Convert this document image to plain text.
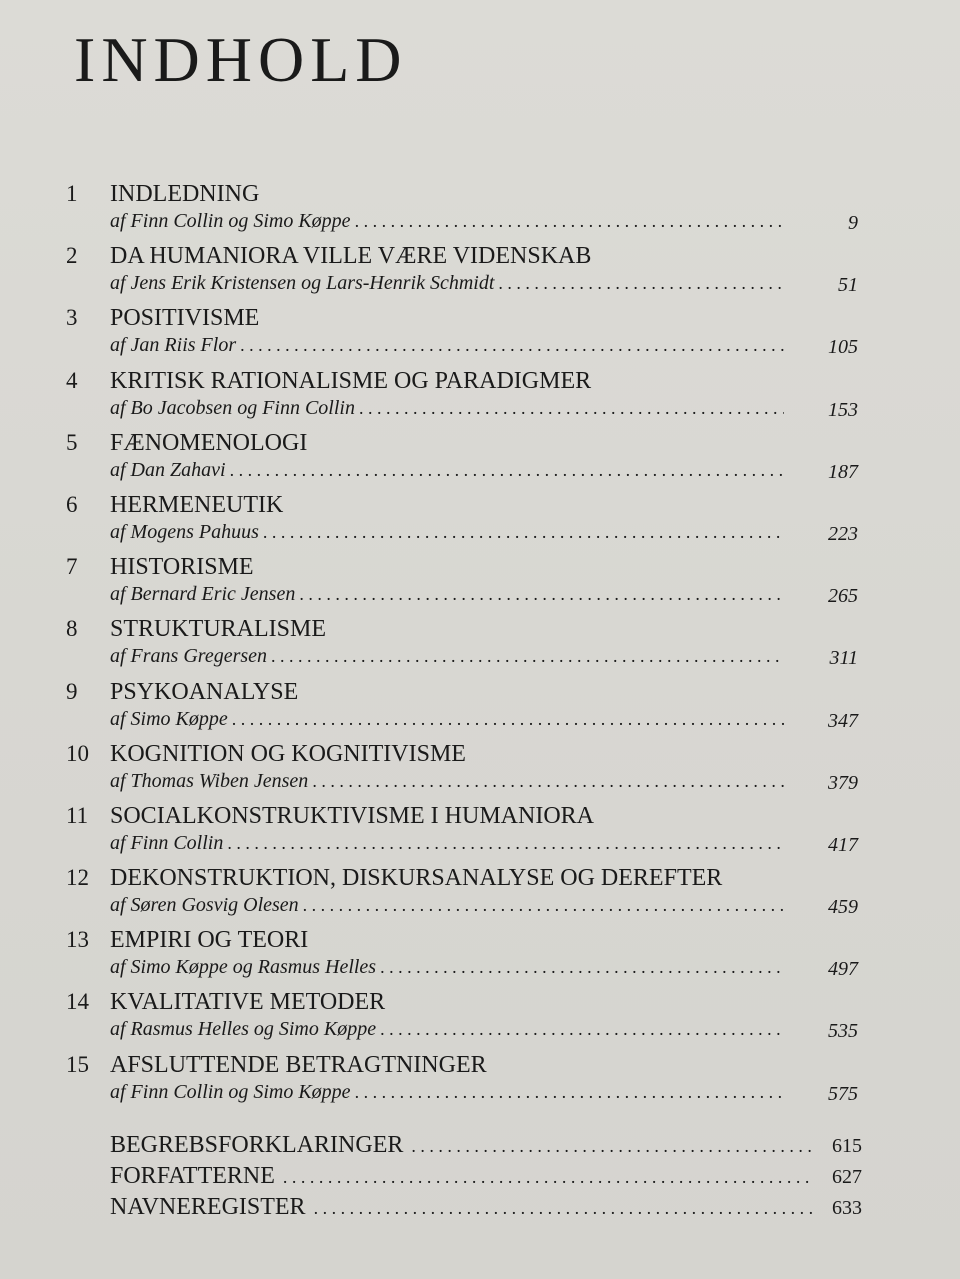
INDHOLD
1	INDLEDNING
af Finn Collin og Simo Køppe . . .	9
2	DA HUMANIORA VILLE VÆRE VIDENSKAB
af Jens Erik Kristensen og Lars-Henrik Schmidt . . .	51
3	POSITIVISME
af Jan Riis Flor . . .	105
4	KRITISK RATIONALISME OG PARADIGMER
af Bo Jacobsen og Finn Collin . . .	153
5	FÆNOMENOLOGI
af Dan Zahavi . . .	187
6	HERMENEUTIK
af Mogens Pahuus . . .	223
7	HISTORISME
af Bernard Eric Jensen . . .	265
8	STRUKTURALISME
af Frans Gregersen . . .	311
9	PSYKOANALYSE
af Simo Køppe . . .	347
10 KOGNITION OG KOGNITIVISME
af Thomas Wiben Jensen . . .	379
11 SOCIALKONSTRUKTIVISME I HUMANIORA
af Finn Collin . . .	417
12 DEKONSTRUKTION, DISKURSANALYSE OG DEREFTER
af Søren Gosvig Olesen . . .	459
13 EMPIRI OG TEORI
af Simo Køppe og Rasmus Helles . . .	497
14 KVALITATIVE METODER
af Rasmus Helles og Simo Køppe . . .	535
15 AFSLUTTENDE BETRAGTNINGER
af Finn Collin og Simo Køppe . . .	575
BEGREBSFORKLARINGER . . .	615
FORFATTERNE . . .	627
NAVNEREGISTER . . .	633
